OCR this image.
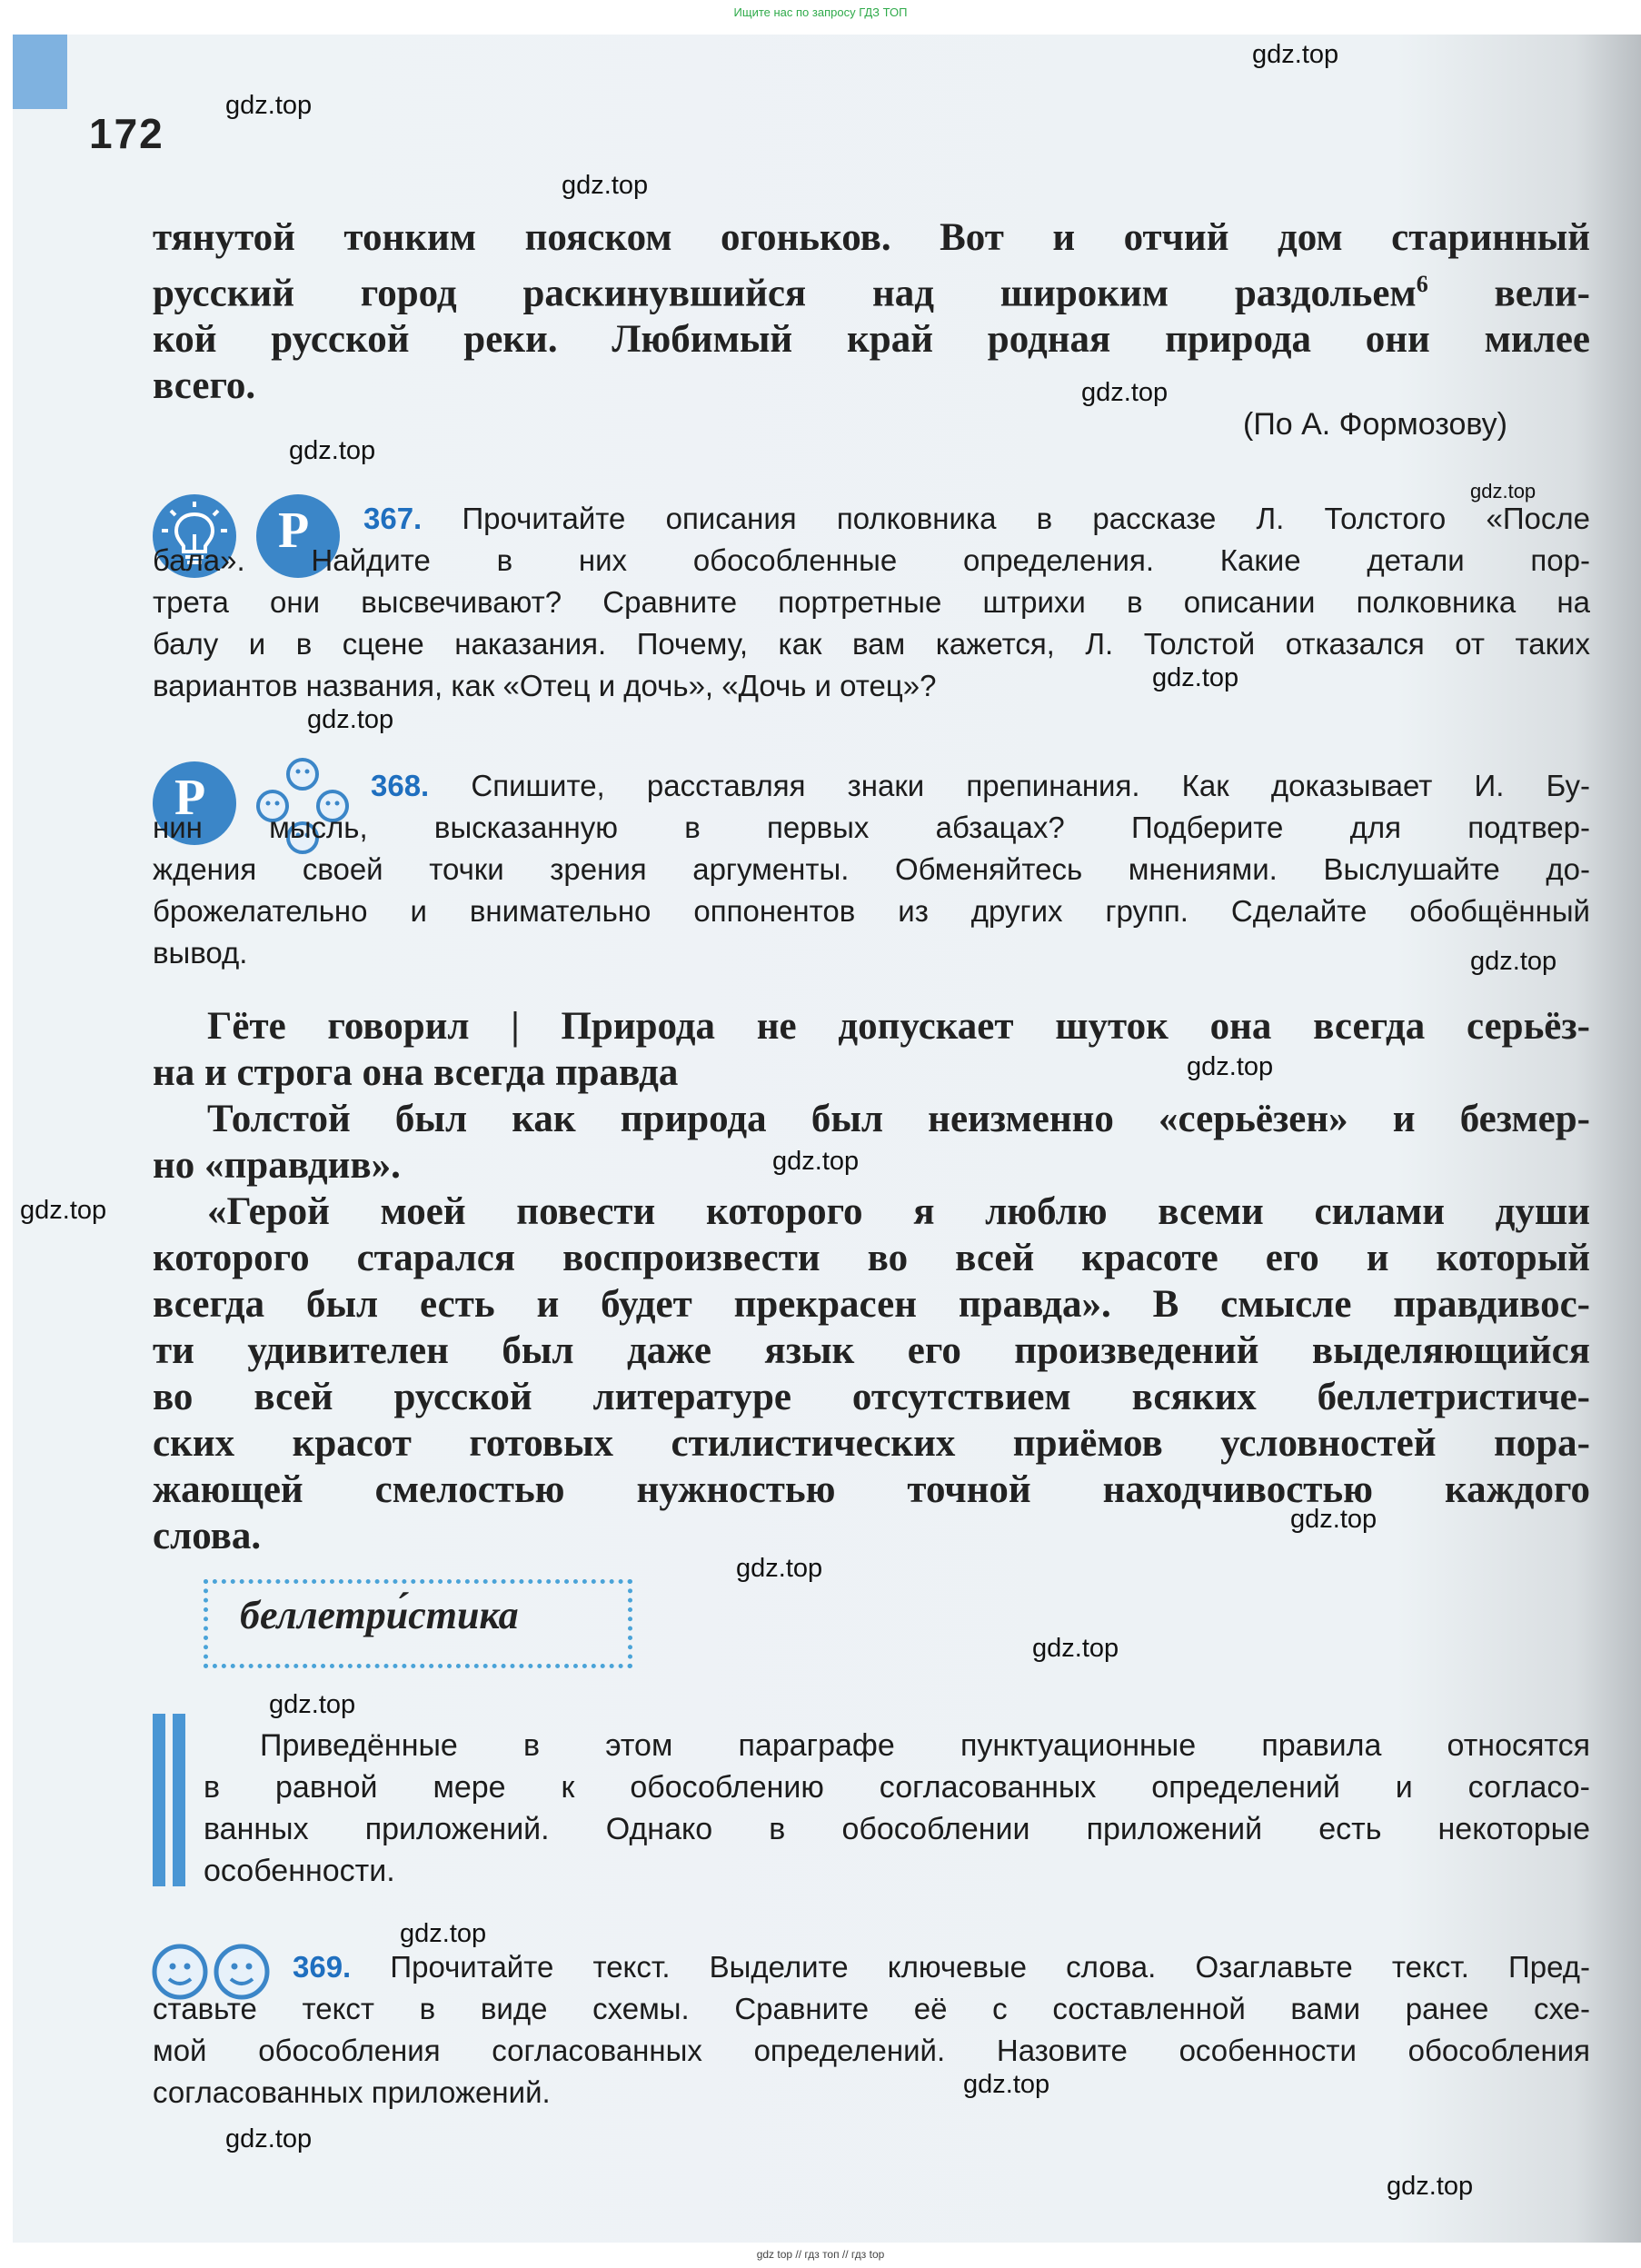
Ищите нас по запросу ГДЗ ТОП
172
gdz.top
gdz.top
gdz.top
gdz.top
gdz.top
gdz.top
gdz.top
gdz.top
gdz.top
gdz.top
gdz.top
gdz.top
gdz.top
gdz.top
gdz.top
gdz.top
gdz.top
gdz.top
gdz.top
gdz.top
тянутой тонким пояском огоньков. Вот и отчий дом старинный
русский город раскинувшийся над широким раздольем$^6$ вели-
кой русской реки. Любимый край родная природа они милее
всего.
(По А. Формозову)
P	367. Прочитайте описания полковника в рассказе Л. Толстого «После
бала». Найдите в них обособленные определения. Какие детали пор-
трета они высвечивают? Сравните портретные штрихи в описании полковника на
балу и в сцене наказания. Почему, как вам кажется, Л. Толстой отказался от таких
вариантов названия, как «Отец и дочь», «Дочь и отец»?
P	368. Спишите, расставляя знаки препинания. Как доказывает И. Бу-
нин мысль, высказанную в первых абзацах? Подберите для подтвер-
ждения своей точки зрения аргументы. Обменяйтесь мнениями. Выслушайте до-
брожелательно и внимательно оппонентов из других групп. Сделайте обобщённый
вывод.
Гёте говорил | Природа не допускает шуток она всегда серьёз-
на и строга она всегда правда
Толстой был как природа был неизменно «серьёзен» и безмер-
но «правдив».
«Герой моей повести которого я люблю всеми силами души
которого старался воспроизвести во всей красоте его и который
всегда был есть и будет прекрасен правда». В смысле правдивос-
ти удивителен был даже язык его произведений выделяющийся
во всей русской литературе отсутствием всяких беллетристиче-
ских красот готовых стилистических приёмов условностей пора-
жающей смелостью нужностью точной находчивостью каждого
слова.
беллетри́стика
Приведённые в этом параграфе пунктуационные правила относятся
в равной мере к обособлению согласованных определений и согласо-
ванных приложений. Однако в обособлении приложений есть некоторые
особенности.
369. Прочитайте текст. Выделите ключевые слова. Озаглавьте текст. Пред-
ставьте текст в виде схемы. Сравните её с составленной вами ранее схе-
мой обособления согласованных определений. Назовите особенности обособления
согласованных приложений.
gdz top // гдз топ // гдз top
